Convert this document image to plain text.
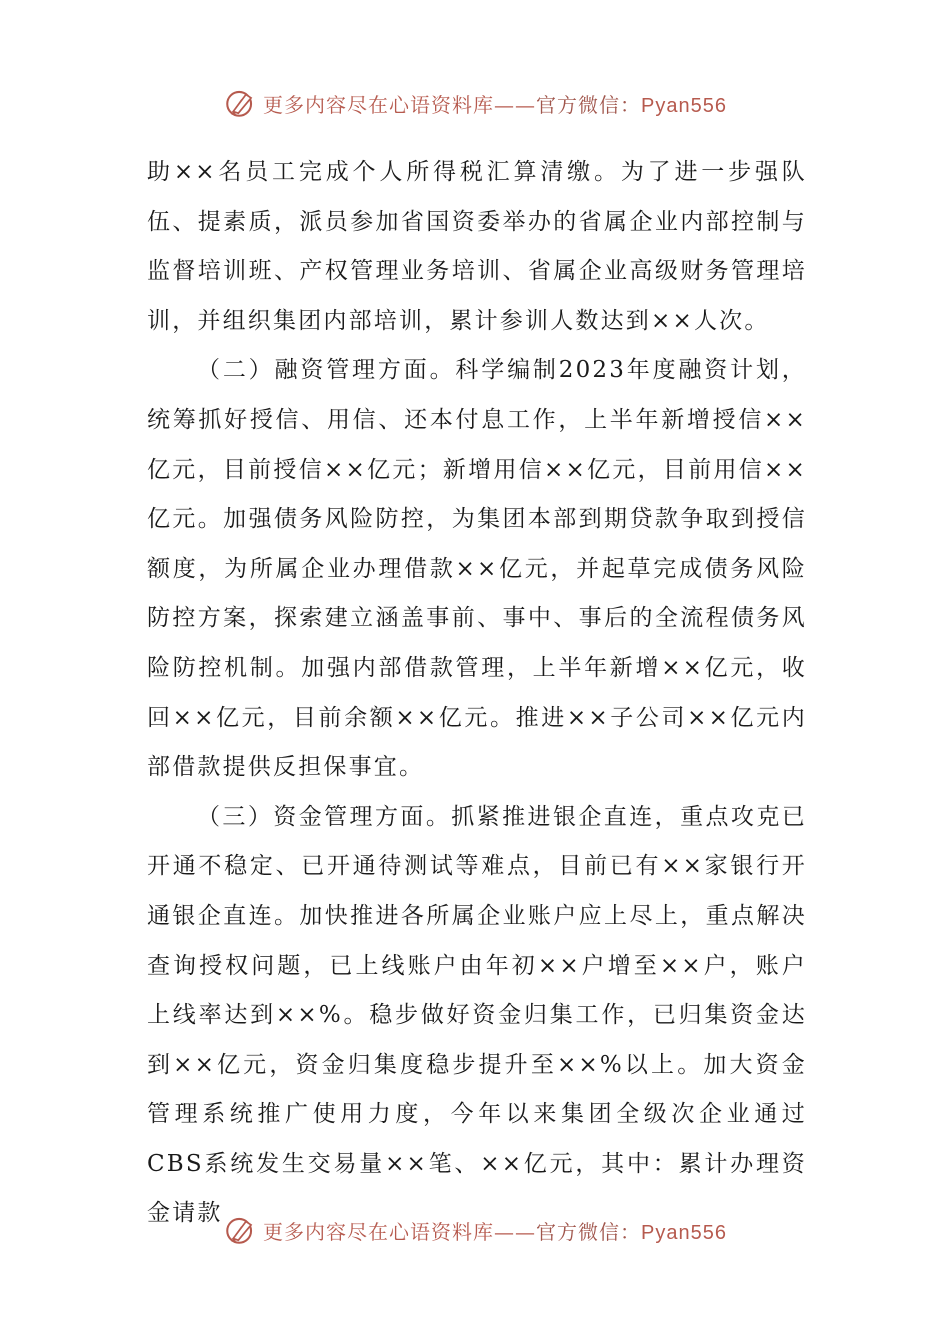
更多内容尽在心语资料库——官方微信：Pyan556

助××名员工完成个人所得税汇算清缴。为了进一步强队伍、提素质，派员参加省国资委举办的省属企业内部控制与监督培训班、产权管理业务培训、省属企业高级财务管理培训，并组织集团内部培训，累计参训人数达到××人次。

（二）融资管理方面。科学编制2023年度融资计划，统筹抓好授信、用信、还本付息工作，上半年新增授信××亿元，目前授信××亿元；新增用信××亿元，目前用信××亿元。加强债务风险防控，为集团本部到期贷款争取到授信额度，为所属企业办理借款××亿元，并起草完成债务风险防控方案，探索建立涵盖事前、事中、事后的全流程债务风险防控机制。加强内部借款管理，上半年新增××亿元，收回××亿元，目前余额××亿元。推进××子公司××亿元内部借款提供反担保事宜。

（三）资金管理方面。抓紧推进银企直连，重点攻克已开通不稳定、已开通待测试等难点，目前已有××家银行开通银企直连。加快推进各所属企业账户应上尽上，重点解决查询授权问题，已上线账户由年初××户增至××户，账户上线率达到××%。稳步做好资金归集工作，已归集资金达到××亿元，资金归集度稳步提升至××%以上。加大资金管理系统推广使用力度，今年以来集团全级次企业通过CBS系统发生交易量××笔、××亿元，其中：累计办理资金请款

更多内容尽在心语资料库——官方微信：Pyan556
